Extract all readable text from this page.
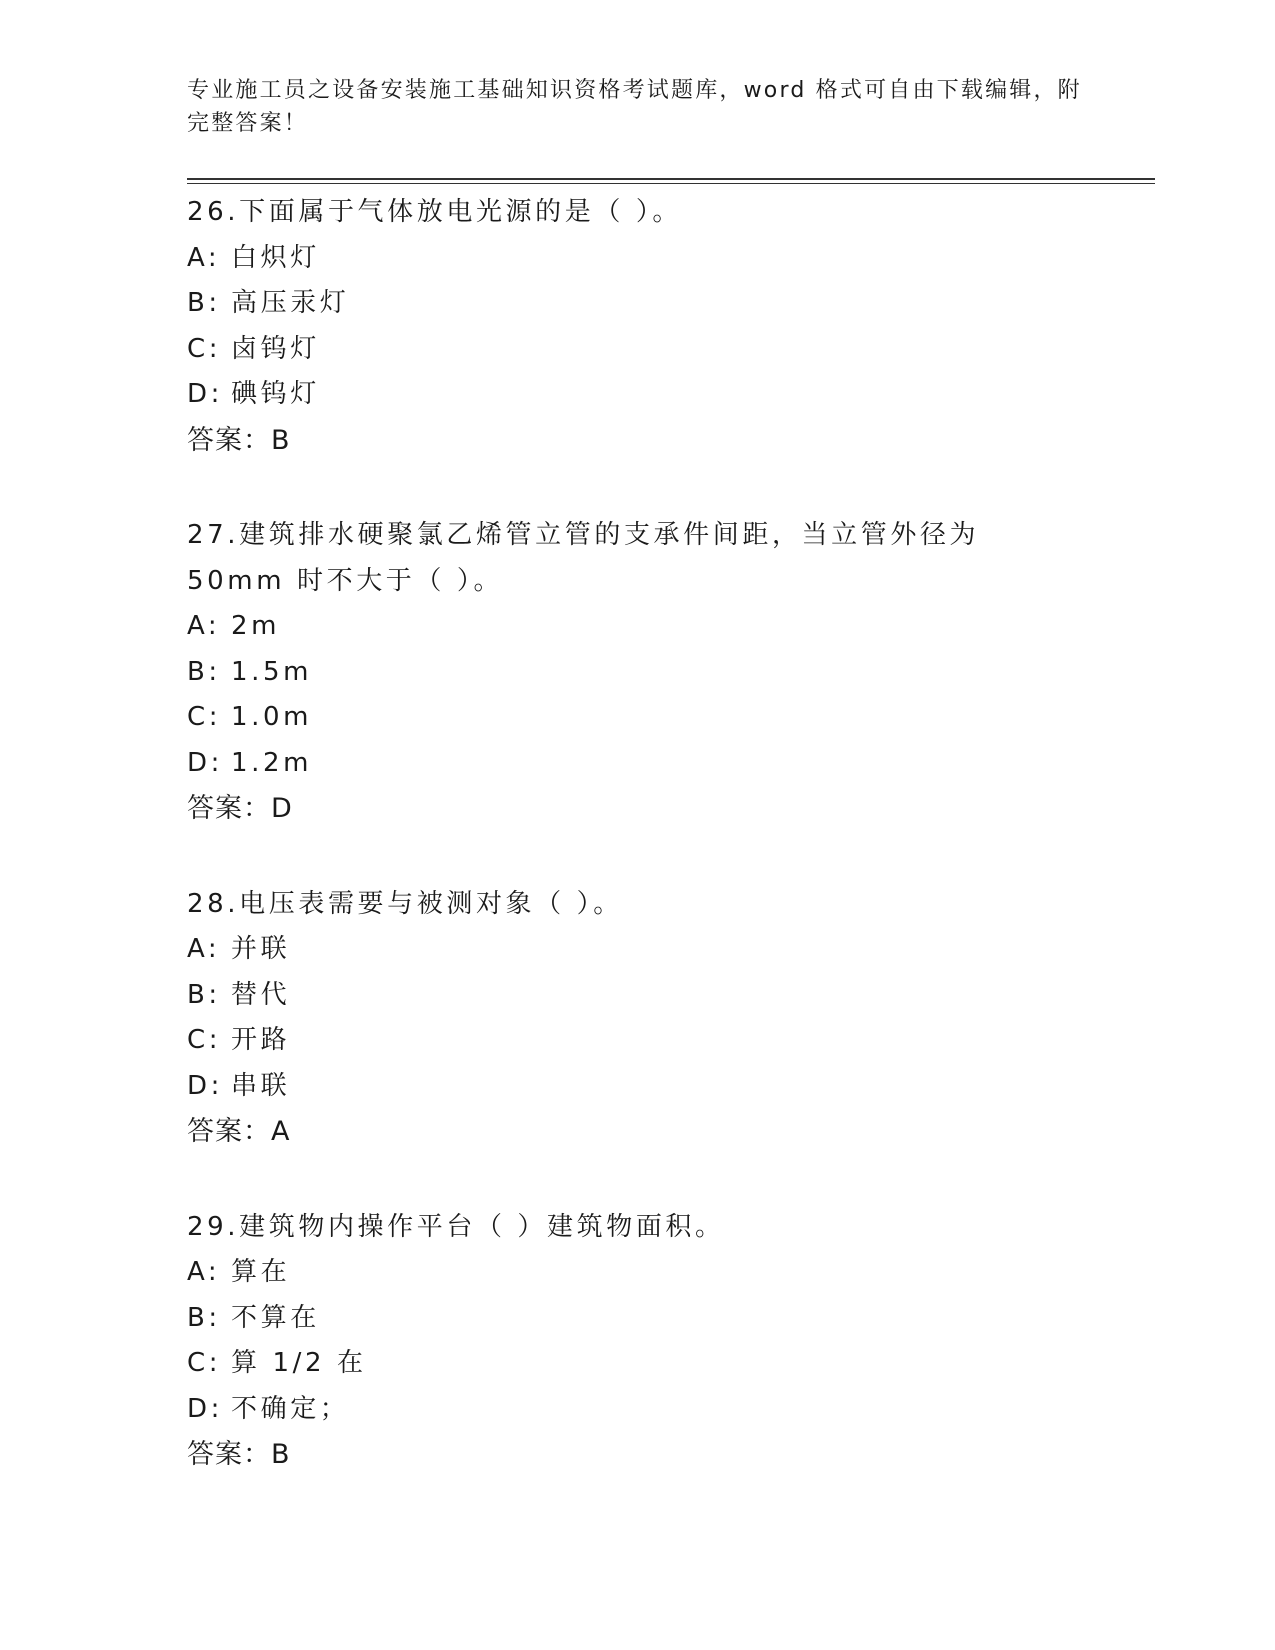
专业施工员之设备安装施工基础知识资格考试题库，word 格式可自由下载编辑，附完整答案！

26.下面属于气体放电光源的是（ ）。

A: 白炽灯

B: 高压汞灯

C: 卤钨灯

D: 碘钨灯

答案：B

27.建筑排水硬聚氯乙烯管立管的支承件间距，当立管外径为 50mm 时不大于（ ）。

A: 2m

B: 1.5m

C: 1.0m

D: 1.2m

答案：D

28.电压表需要与被测对象（ ）。

A: 并联

B: 替代

C: 开路

D: 串联

答案：A

29.建筑物内操作平台（ ）建筑物面积。

A: 算在

B: 不算在

C: 算 1/2 在

D: 不确定；

答案：B
